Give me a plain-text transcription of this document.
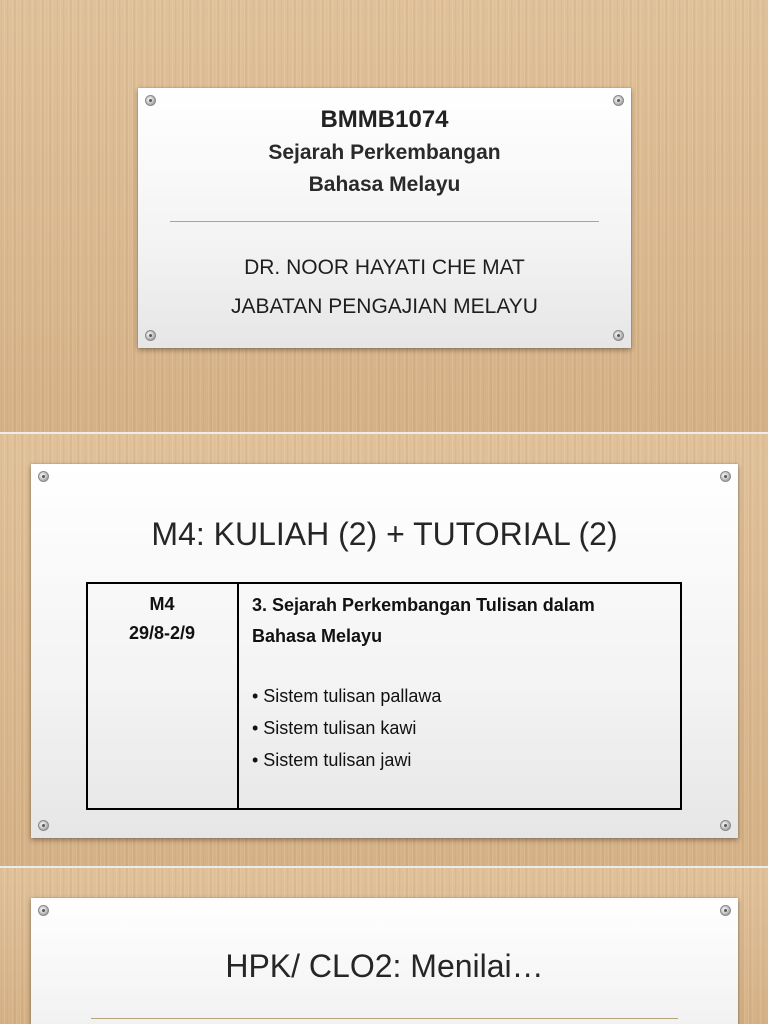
BMMB1074
Sejarah Perkembangan
Bahasa Melayu
DR. NOOR HAYATI CHE MAT
JABATAN PENGAJIAN MELAYU
M4: KULIAH (2) + TUTORIAL (2)
M4
29/8-2/9
3. Sejarah Perkembangan Tulisan dalam
Bahasa Melayu
• Sistem tulisan pallawa
• Sistem tulisan kawi
• Sistem tulisan jawi
HPK/ CLO2: Menilai…
